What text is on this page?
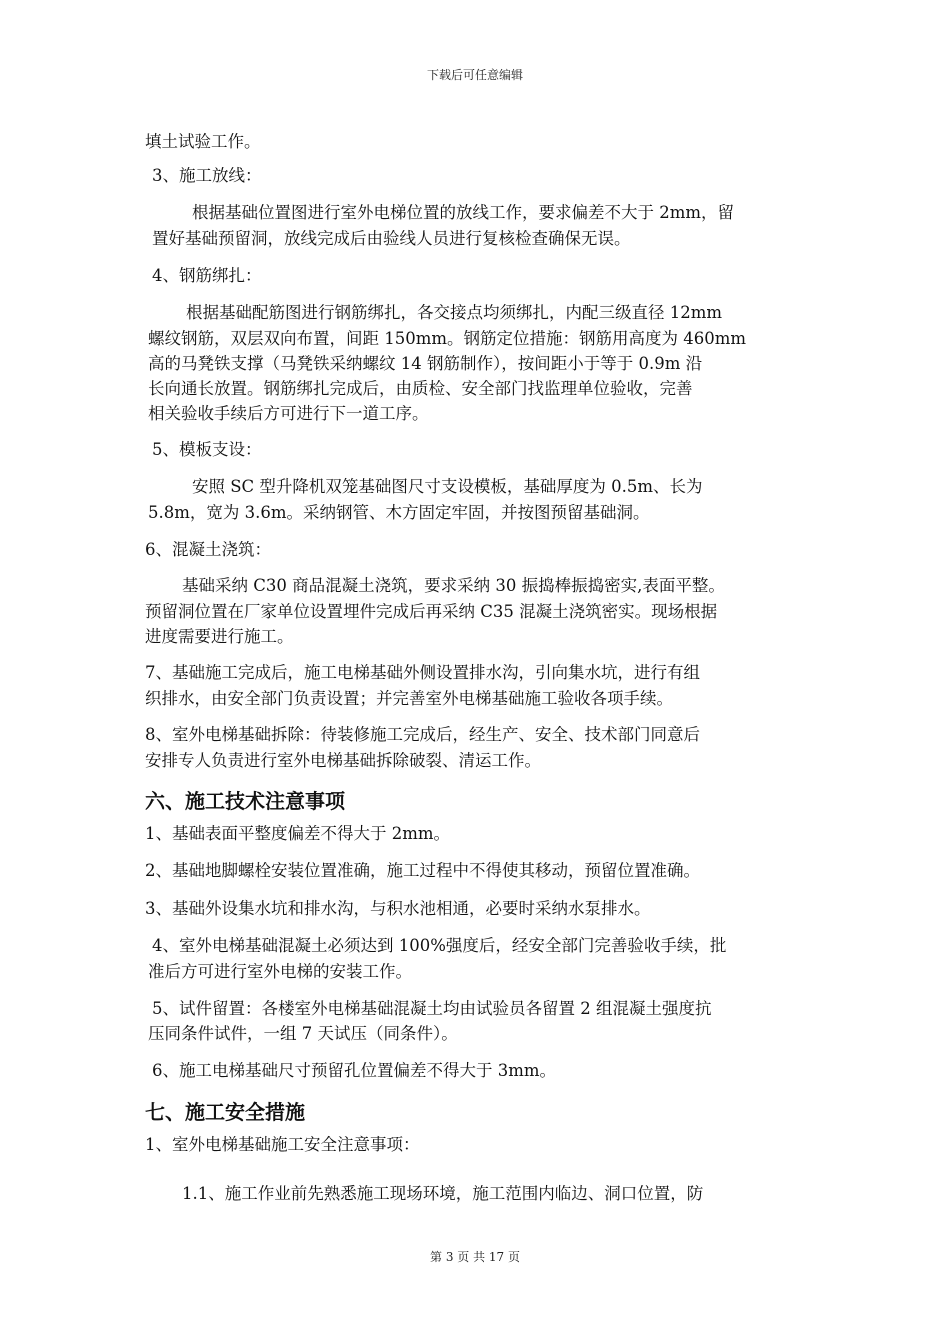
下载后可任意编辑
填土试验工作。
3、施工放线：
根据基础位置图进行室外电梯位置的放线工作，要求偏差不大于 2mm，留
置好基础预留洞，放线完成后由验线人员进行复核检查确保无误。
4、钢筋绑扎：
根据基础配筋图进行钢筋绑扎，各交接点均须绑扎，内配三级直径 12mm
螺纹钢筋，双层双向布置，间距 150mm。钢筋定位措施：钢筋用高度为 460mm
高的马凳铁支撑（马凳铁采纳螺纹 14 钢筋制作），按间距小于等于 0.9m 沿
长向通长放置。钢筋绑扎完成后，由质检、安全部门找监理单位验收，完善
相关验收手续后方可进行下一道工序。
5、模板支设：
安照 SC 型升降机双笼基础图尺寸支设模板，基础厚度为 0.5m、长为
5.8m，宽为 3.6m。采纳钢管、木方固定牢固，并按图预留基础洞。
6、混凝土浇筑：
基础采纳 C30 商品混凝土浇筑，要求采纳 30 振捣棒振捣密实,表面平整。
预留洞位置在厂家单位设置埋件完成后再采纳 C35 混凝土浇筑密实。现场根据
进度需要进行施工。
7、基础施工完成后，施工电梯基础外侧设置排水沟，引向集水坑，进行有组
织排水，由安全部门负责设置；并完善室外电梯基础施工验收各项手续。
8、室外电梯基础拆除：待装修施工完成后，经生产、安全、技术部门同意后
安排专人负责进行室外电梯基础拆除破裂、清运工作。
六、施工技术注意事项
1、基础表面平整度偏差不得大于 2mm。
2、基础地脚螺栓安装位置准确，施工过程中不得使其移动，预留位置准确。
3、基础外设集水坑和排水沟，与积水池相通，必要时采纳水泵排水。
4、室外电梯基础混凝土必须达到 100%强度后，经安全部门完善验收手续，批
准后方可进行室外电梯的安装工作。
5、试件留置：各楼室外电梯基础混凝土均由试验员各留置 2 组混凝土强度抗
压同条件试件，一组 7 天试压（同条件）。
6、施工电梯基础尺寸预留孔位置偏差不得大于 3mm。
七、施工安全措施
1、室外电梯基础施工安全注意事项：
1.1、施工作业前先熟悉施工现场环境，施工范围内临边、洞口位置，防
第 3 页 共 17 页
